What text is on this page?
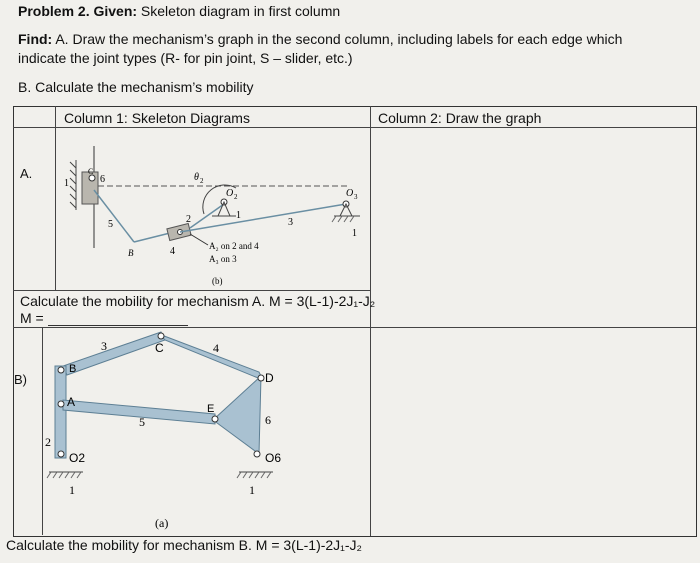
Problem 2. Given: Skeleton diagram in first column
Find: A. Draw the mechanism’s graph in the second column, including labels for each edge which indicate the joint types (R- for pin joint, S – slider, etc.)
B. Calculate the mechanism’s mobility
Column 1: Skeleton Diagrams	Column 2: Draw the graph
A.
B)
1	6
C
θ 2
O 2	O 3
2	1
3
1
5
B	4	A₂ on 2 and 4
A₃ on 3
(b)
Calculate the mobility for mechanism A. M = 3(L-1)-2J₁-J₂
M =
3	C	4
B
D
A	E
5	6
2
O2	O6
1	1
(a)
Calculate the mobility for mechanism B. M = 3(L-1)-2J₁-J₂
